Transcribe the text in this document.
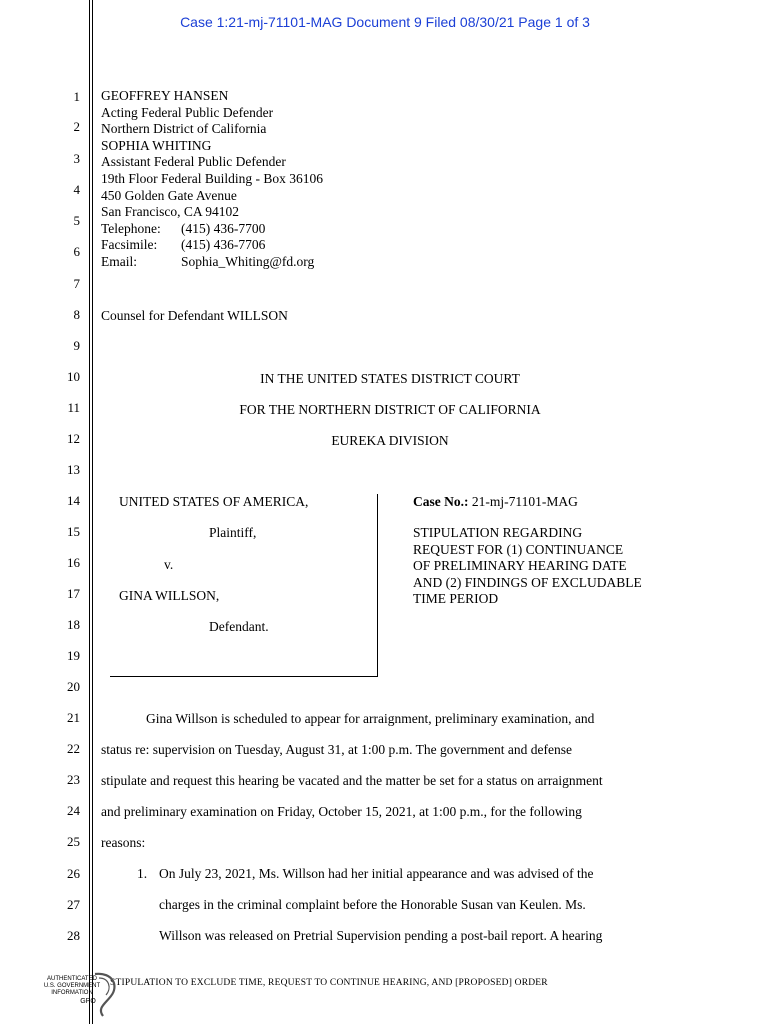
Case 1:21-mj-71101-MAG Document 9 Filed 08/30/21 Page 1 of 3
1
2
3
4
5
6
7
8
9
10
11
12
13
14
15
16
17
18
19
20
21
22
23
24
25
26
27
28
GEOFFREY HANSEN
Acting Federal Public Defender
Northern District of California
SOPHIA WHITING
Assistant Federal Public Defender
19th Floor Federal Building - Box 36106
450 Golden Gate Avenue
San Francisco, CA 94102
Telephone:	(415) 436-7700
Facsimile:	(415) 436-7706
Email:	Sophia_Whiting@fd.org
Counsel for Defendant WILLSON
IN THE UNITED STATES DISTRICT COURT
FOR THE NORTHERN DISTRICT OF CALIFORNIA
EUREKA DIVISION
UNITED STATES OF AMERICA,
Plaintiff,
v.
GINA WILLSON,
Defendant.
Case No.: 21-mj-71101-MAG
STIPULATION REGARDING
REQUEST FOR (1) CONTINUANCE
OF PRELIMINARY HEARING DATE
AND (2) FINDINGS OF EXCLUDABLE
TIME PERIOD
Gina Willson is scheduled to appear for arraignment, preliminary examination, and
status re: supervision on Tuesday, August 31, at 1:00 p.m. The government and defense
stipulate and request this hearing be vacated and the matter be set for a status on arraignment
and preliminary examination on Friday, October 15, 2021, at 1:00 p.m., for the following
reasons:
1. On July 23, 2021, Ms. Willson had her initial appearance and was advised of the
charges in the criminal complaint before the Honorable Susan van Keulen. Ms.
Willson was released on Pretrial Supervision pending a post-bail report. A hearing
STIPULATION TO EXCLUDE TIME, REQUEST TO CONTINUE HEARING, AND [PROPOSED] ORDER
AUTHENTICATED
U.S. GOVERNMENT
INFORMATION
GPO
